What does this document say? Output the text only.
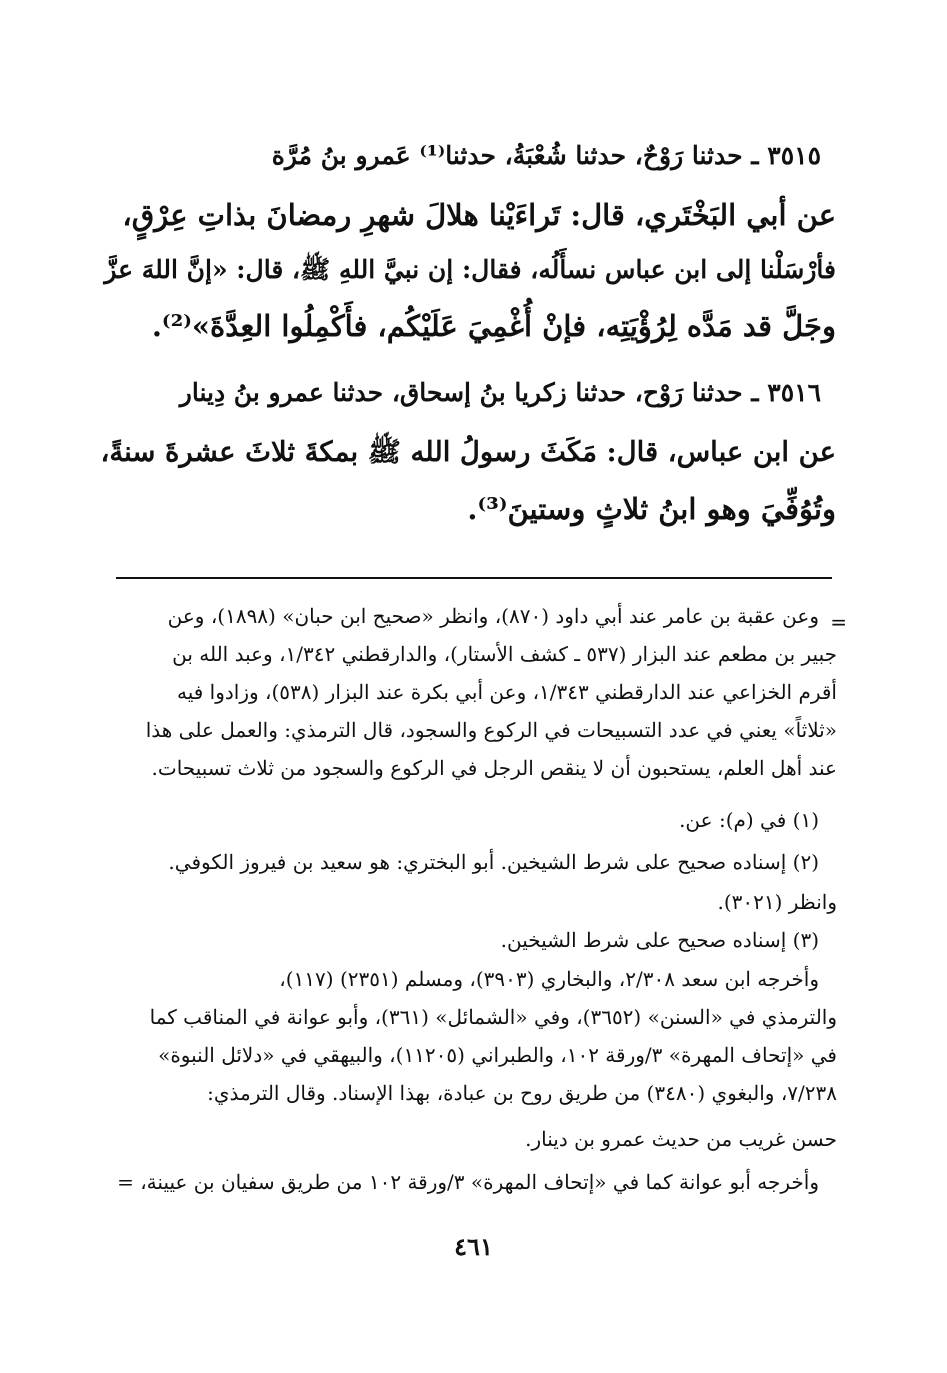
٣٥١٥ ـ حدثنا رَوْحٌ، حدثنا شُعْبَةُ، حدثنا⁽¹⁾ عَمرو بنُ مُرَّة
عن أبي البَخْتَري، قال: تَراءَيْنا هلالَ شهرِ رمضانَ بذاتِ عِرْقٍ،
فأرْسَلْنا إلى ابن عباس نسأَلُه، فقال: إن نبيَّ اللهِ ﷺ، قال: «إنَّ اللهَ عزَّ
وجَلَّ قد مَدَّه لِرُؤْيَتِه، فإنْ أُغْمِيَ عَلَيْكُم، فأَكْمِلُوا العِدَّةَ»⁽²⁾.
٣٥١٦ ـ حدثنا رَوْح، حدثنا زكريا بنُ إسحاق، حدثنا عمرو بنُ دِينار
عن ابن عباس، قال: مَكَثَ رسولُ الله ﷺ بمكةَ ثلاثَ عشرةَ سنةً،
وتُوُفِّيَ وهو ابنُ ثلاثٍ وستينَ⁽³⁾.
=
وعن عقبة بن عامر عند أبي داود (٨٧٠)، وانظر «صحيح ابن حبان» (١٨٩٨)، وعن
جبير بن مطعم عند البزار (٥٣٧ ـ كشف الأستار)، والدارقطني ١/٣٤٢، وعبد الله بن
أقرم الخزاعي عند الدارقطني ١/٣٤٣، وعن أبي بكرة عند البزار (٥٣٨)، وزادوا فيه
«ثلاثاً» يعني في عدد التسبيحات في الركوع والسجود، قال الترمذي: والعمل على هذا
عند أهل العلم، يستحبون أن لا ينقص الرجل في الركوع والسجود من ثلاث تسبيحات.
(١) في (م): عن.
(٢) إسناده صحيح على شرط الشيخين. أبو البختري: هو سعيد بن فيروز الكوفي.
وانظر (٣٠٢١).
(٣) إسناده صحيح على شرط الشيخين.
وأخرجه ابن سعد ٢/٣٠٨، والبخاري (٣٩٠٣)، ومسلم (٢٣٥١) (١١٧)،
والترمذي في «السنن» (٣٦٥٢)، وفي «الشمائل» (٣٦١)، وأبو عوانة في المناقب كما
في «إتحاف المهرة» ٣/ورقة ١٠٢، والطبراني (١١٢٠٥)، والبيهقي في «دلائل النبوة»
٧/٢٣٨، والبغوي (٣٤٨٠) من طريق روح بن عبادة، بهذا الإسناد. وقال الترمذي:
حسن غريب من حديث عمرو بن دينار.
وأخرجه أبو عوانة كما في «إتحاف المهرة» ٣/ورقة ١٠٢ من طريق سفيان بن عيينة، =
٤٦١
